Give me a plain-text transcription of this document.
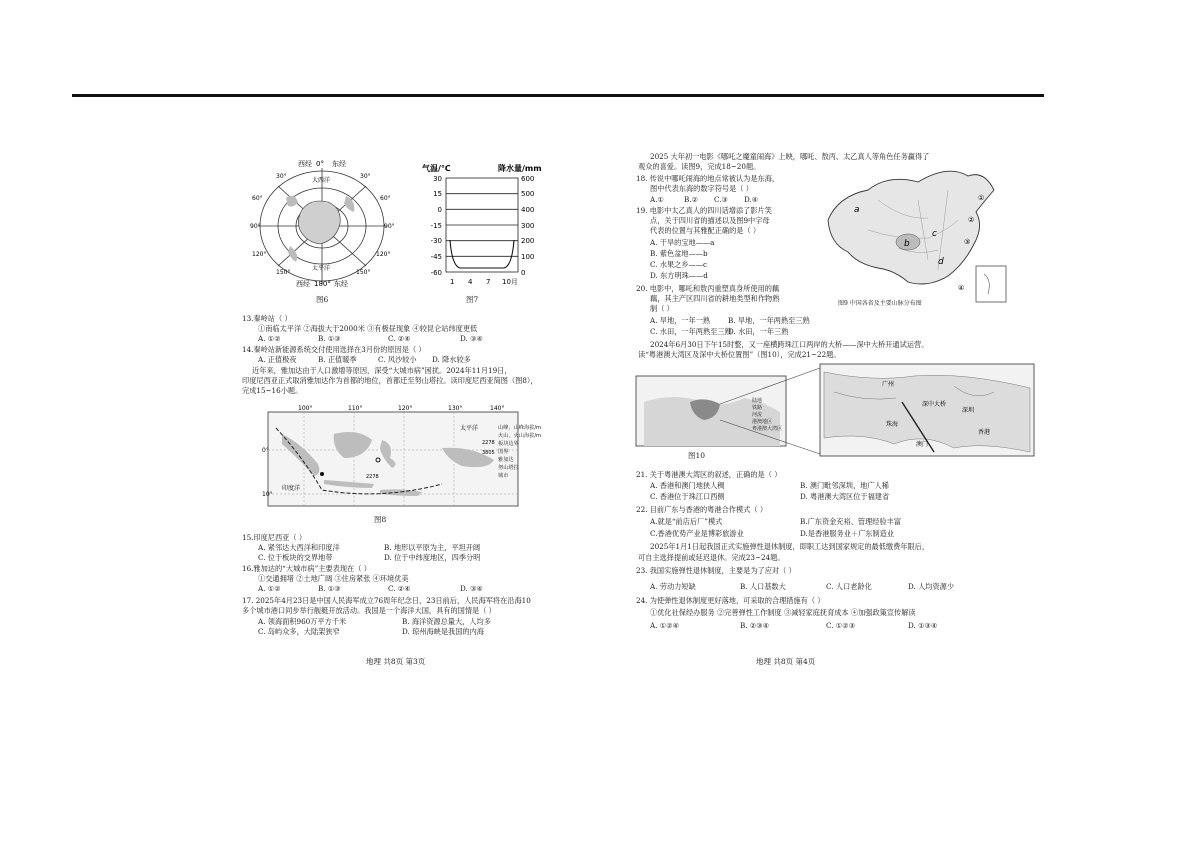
西经 0° 东经
30°	30°
60°	60°
90°	90°
120°	120°
150°	150°
西经 180° 东经
大西洋
太平洋
图6
气温/℃	降水量/mm
30
15
0
-15
-30
-45
-60
600
500
400
300
200
100
0
1 4 7 10月
图7
13.秦岭站（ ）
①南临太平洋 ②海拔大于2000米 ③有极昼现象 ④较昆仑站纬度更低
A. ①②	B. ①③	C. ②④	D. ③④
14.秦岭站新能源系统交付使用选择在3月份的原因是（ ）
A. 正值极夜	B. 正值暖季	C. 风沙较小 D. 降水较多
近年来，雅加达由于人口激增等原因，深受“大城市病”困扰。2024年11月19日，
印度尼西亚正式取消雅加达作为首都的地位，首都迁至努山塔拉。读印度尼西亚简图（图8），
完成15~16小题。
100°	110°	120°	130°	140°
0°
10°
太平洋
印度洋
2278
3805
2278
山峰、山峰海拔/m
火山、火山海拔/m
板块边界
国界
雅加达
努山塔拉
城市
图8
15.印度尼西亚（ ）
A. 紧邻达大西洋和印度洋	B. 地形以平原为主，平坦开阔
C. 位于板块的交界地带	D. 位于中纬度地区，四季分明
16.雅加达的“大城市病”主要表现在（ ）
①交通拥堵 ②土地广阔 ③住房紧张 ④环境优美
A. ①②	B. ①③	C. ②④	D. ③④
17. 2025年4月23日是中国人民海军成立76周年纪念日，23日前后，人民海军将在沿海10
多个城市港口同步举行舰艇开放活动。我国是一个海洋大国，具有的国情是（ ）
A. 领海面积960万平方千米	B. 海洋资源总量大，人均多
C. 岛屿众多，大陆架狭窄	D. 琼州海峡是我国的内海
地理 共8页 第3页
2025 大年初一电影《哪吒之魔童闹海》上映，哪吒、敖丙、太乙真人等角色任务赢得了
观众的喜爱。读图9，完成18~20题。
18. 传说中哪吒闹海的地点常被认为是东海，
图中代表东海的数字符号是（ ）
A.①	B.② C.③ D.④
19. 电影中太乙真人的四川话增添了影片笑
点，关于四川省的描述以及图9中字母
代表的位置与其雅配正确的是（ ）
A. 干旱的宝地——a
B. 紫色盆地——b
C. 水果之乡——c
D. 东方明珠——d
20. 电影中，哪吒和敖丙重塑真身所使用的藕
藕，其主产区四川省的耕地类型和作物熟
制（ ）
A. 旱地，一年一熟 B. 旱地，一年两熟至三熟
C. 水田，一年两熟至三熟
D. 水田，一年三熟
a
b
c
d
①
②
③
④
图9 中国各省及主要山脉分布图
2024年6月30日下午15时整，又一座横跨珠江口两岸的大桥——深中大桥开通试运营。
读“粤港澳大湾区及深中大桥位置图”（图10），完成21~22题。
香港
澳门
广州
深圳
珠海
深中大桥
陆地
铁路
河流
港澳地区
粤港澳大湾区
图10
21. 关于粤港澳大湾区的叙述，正确的是（ ）
A. 香港和澳门地狭人稠	B. 澳门毗邻深圳，地广人稀
C. 香港位于珠江口西侧	D. 粤港澳大湾区位于福建省
22. 目前广东与香港的粤港合作模式（ ）
A.就是“前店后厂”模式	B.广东资金充裕、管理经验丰富
C.香港优势产业是博彩旅游业	D.是香港服务业＋广东制造业
2025年1月1日起我国正式实施弹性退休制度，即职工达到国家规定的最低缴费年限后，
可自主选择提前或延迟退休。完成23~24题。
23. 我国实施弹性退休制度，主要是为了应对（ ）
A. 劳动力短缺	B. 人口基数大	C. 人口老龄化	D. 人均资源少
24. 为使弹性退休制度更好落地，可采取的合理措施有（ ）
①优化社保经办服务 ②完善弹性工作制度 ③减轻家庭抚育成本 ④加强政策宣传解读
A. ①②④	B. ②③④	C. ①②③	D. ①③④
地理 共8页 第4页
